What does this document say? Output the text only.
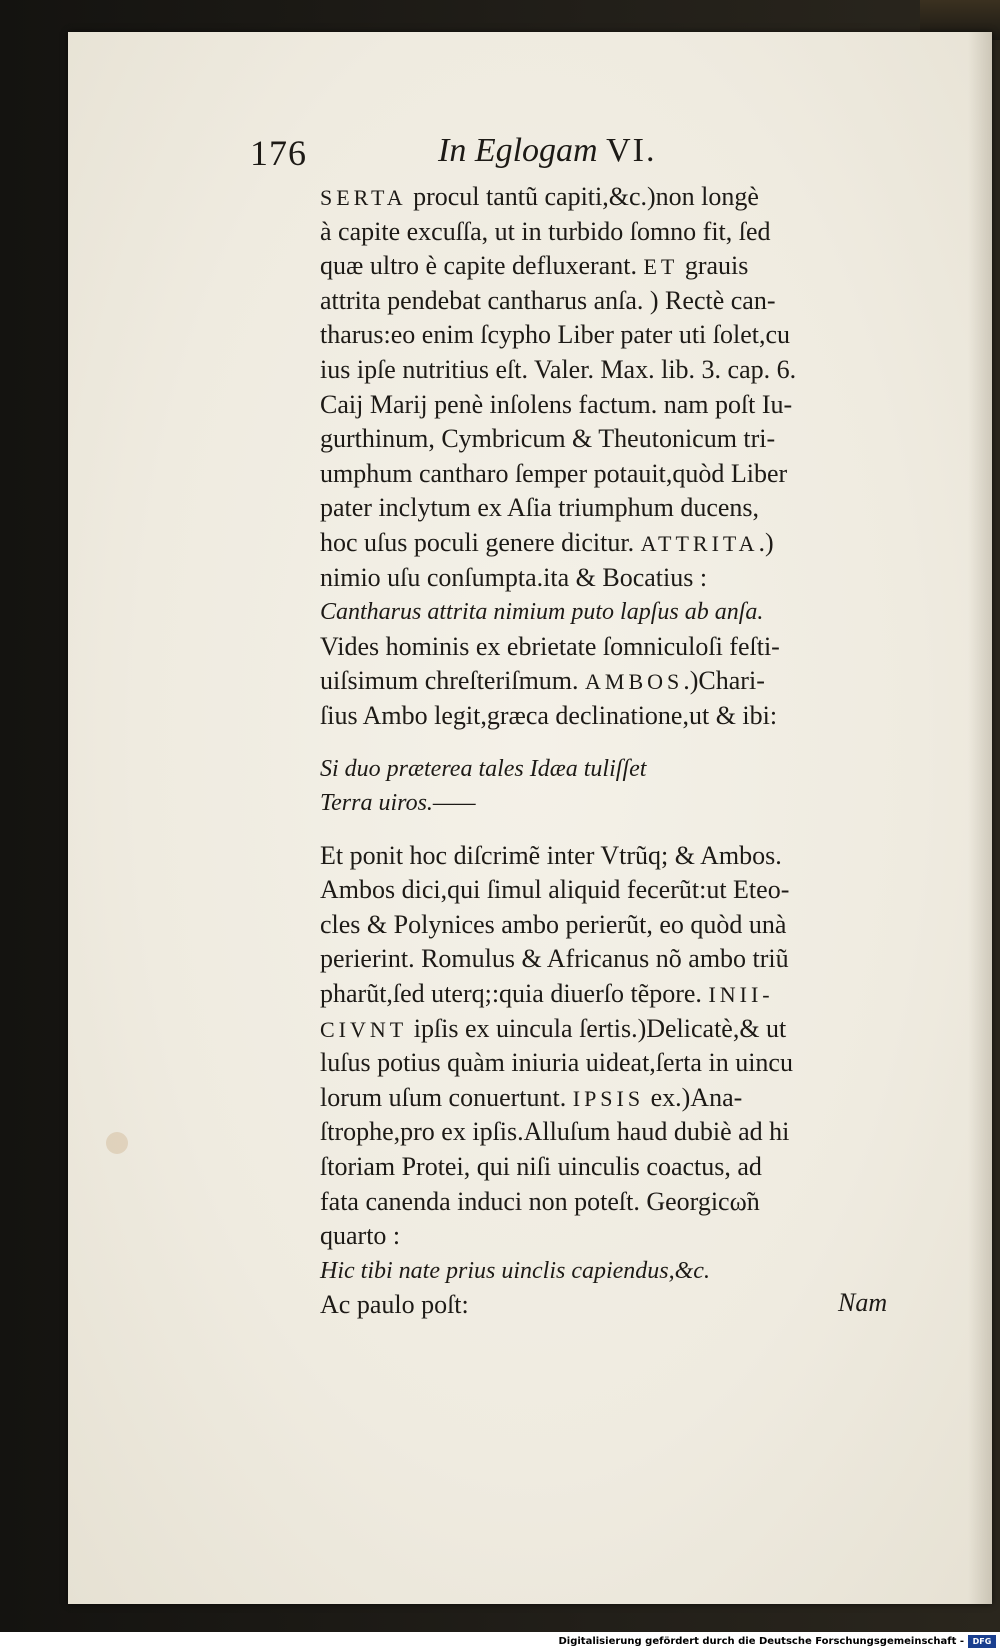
176	In Eglogam VI.
SERTA procul tantũ capiti,&c.)non longè
à capite excuſſa, ut in turbido ſomno fit, ſed
quæ ultro è capite defluxerant. ET grauis
attrita pendebat cantharus anſa. ) Rectè can-
tharus:eo enim ſcypho Liber pater uti ſolet,cu
ius ipſe nutritius eſt. Valer. Max. lib. 3. cap. 6.
Caij Marij penè inſolens factum. nam poſt Iu-
gurthinum, Cymbricum & Theutonicum tri-
umphum cantharo ſemper potauit,quòd Liber
pater inclytum ex Aſia triumphum ducens,
hoc uſus poculi genere dicitur. ATTRITA.)
nimio uſu conſumpta.ita & Bocatius :
Cantharus attrita nimium puto lapſus ab anſa.
Vides hominis ex ebrietate ſomniculoſi feſti-
uiſsimum chreſteriſmum. AMBOS.)Chari-
ſius Ambo legit,græca declinatione,ut & ibi:
Si duo præterea tales Idæa tuliſſet
Terra uiros.——
Et ponit hoc diſcrimẽ inter Vtrũq; & Ambos.
Ambos dici,qui ſimul aliquid fecerũt:ut Eteo-
cles & Polynices ambo perierũt, eo quòd unà
perierint. Romulus & Africanus nõ ambo triũ
pharũt,ſed uterq;:quia diuerſo tẽpore. INII-
CIVNT ipſis ex uincula ſertis.)Delicatè,& ut
luſus potius quàm iniuria uideat,ſerta in uincu
lorum uſum conuertunt. IPSIS ex.)Ana-
ſtrophe,pro ex ipſis.Alluſum haud dubiè ad hi
ſtoriam Protei, qui niſi uinculis coactus, ad
fata canenda induci non poteſt. Georgicω̃n
quarto :
Hic tibi nate prius uinclis capiendus,&c.
Ac paulo poſt:	Nam
Digitalisierung gefördert durch die Deutsche Forschungsgemeinschaft -	DFG
